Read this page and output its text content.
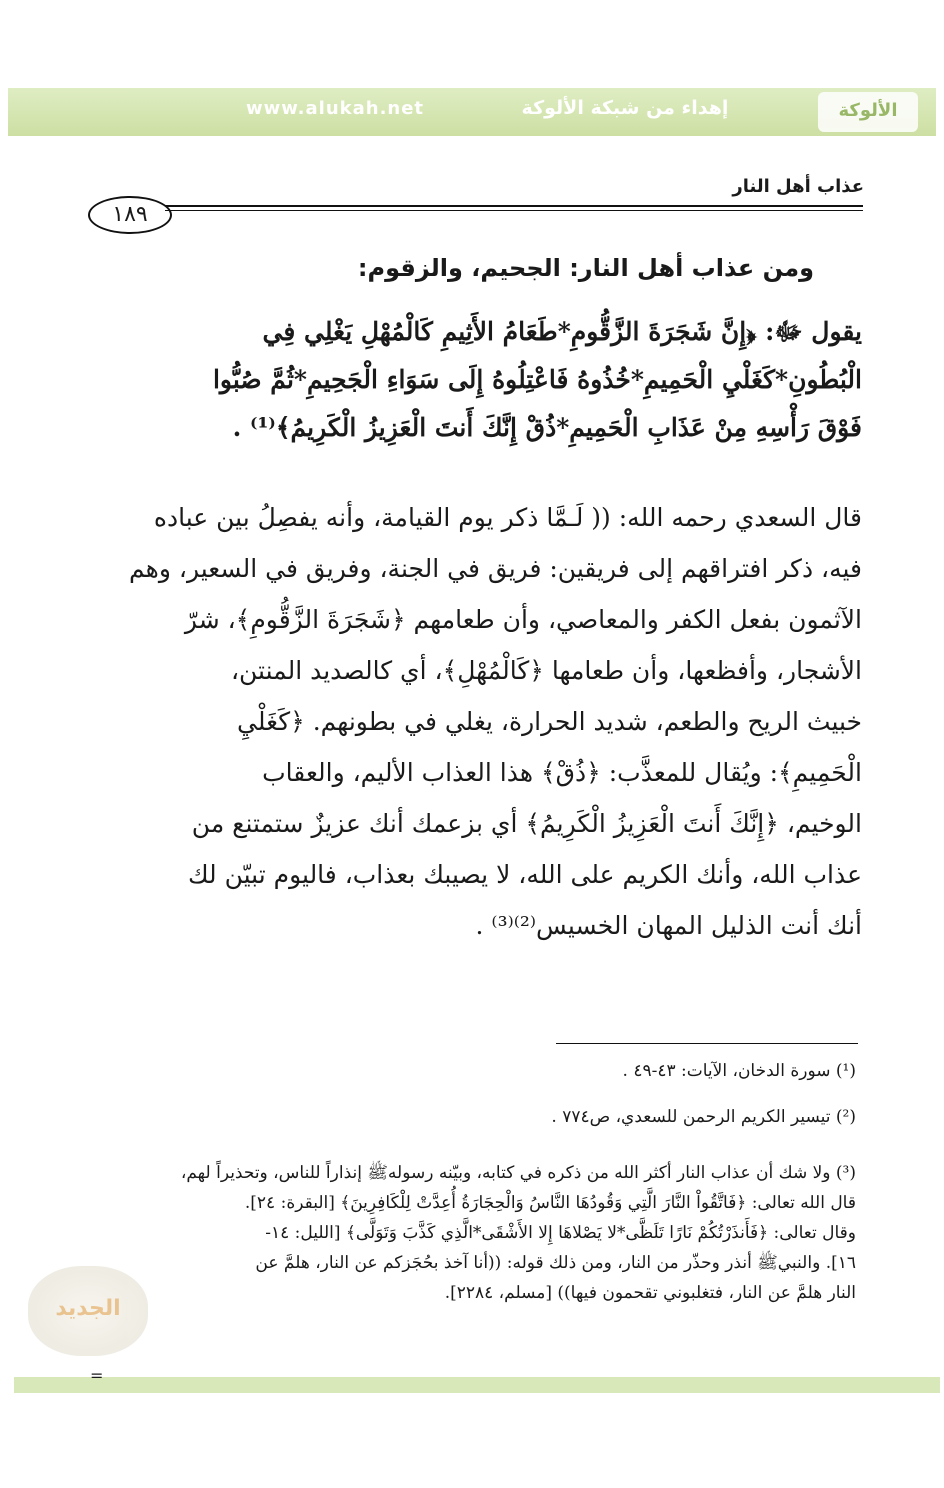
www.alukah.net	إهداء من شبكة الألوكة	الألوكة
عذاب أهل النار
١٨٩
ومن عذاب أهل النار: الجحيم، والزقوم:
يقول ﷻ: ﴿إِنَّ شَجَرَةَ الزَّقُّومِ*طَعَامُ الأَثِيمِ كَالْمُهْلِ يَغْلِي فِي
الْبُطُونِ*كَغَلْيِ الْحَمِيمِ*خُذُوهُ فَاعْتِلُوهُ إِلَى سَوَاءِ الْجَحِيمِ*ثُمَّ صُبُّوا
فَوْقَ رَأْسِهِ مِنْ عَذَابِ الْحَمِيمِ*ذُقْ إِنَّكَ أَنتَ الْعَزِيزُ الْكَرِيمُ﴾⁽¹⁾ .
قال السعدي رحمه الله: (( لَـمَّا ذكر يوم القيامة، وأنه يفصِلُ بين عباده
فيه، ذكر افتراقهم إلى فريقين: فريق في الجنة، وفريق في السعير، وهم
الآثمون بفعل الكفر والمعاصي، وأن طعامهم ﴿شَجَرَةَ الزَّقُّومِ﴾، شرّ
الأشجار، وأفظعها، وأن طعامها ﴿كَالْمُهْلِ﴾، أي كالصديد المنتن،
خبيث الريح والطعم، شديد الحرارة، يغلي في بطونهم. ﴿كَغَلْيِ
الْحَمِيمِ﴾: ويُقال للمعذَّب: ﴿ذُقْ﴾ هذا العذاب الأليم، والعقاب
الوخيم، ﴿إِنَّكَ أَنتَ الْعَزِيزُ الْكَرِيمُ﴾ أي بزعمك أنك عزيزٌ ستمتنع من
عذاب الله، وأنك الكريم على الله، لا يصيبك بعذاب، فاليوم تبيّن لك
أنك أنت الذليل المهان الخسيس⁽²⁾⁽³⁾ .
(¹) سورة الدخان، الآيات: ٤٣-٤٩ .
(²) تيسير الكريم الرحمن للسعدي، ص٧٧٤ .
(³) ولا شك أن عذاب النار أكثر الله من ذكره في كتابه، وبيّنه رسولهﷺ إنذاراً للناس، وتحذيراً لهم،
قال الله تعالى: ﴿فَاتَّقُواْ النَّارَ الَّتِي وَقُودُهَا النَّاسُ وَالْحِجَارَةُ أُعِدَّتْ لِلْكَافِرِينَ﴾ [البقرة: ٢٤].
وقال تعالى: ﴿فَأَنذَرْتُكُمْ نَارًا تَلَظَّى*لا يَصْلاهَا إِلا الأَشْقَى*الَّذِي كَذَّبَ وَتَوَلَّى﴾ [الليل: ١٤-
١٦]. والنبيﷺ أنذر وحذّر من النار، ومن ذلك قوله: ((أنا آخذ بحُجَزكم عن النار، هلمَّ عن
النار هلمَّ عن النار، فتغلبوني تقحمون فيها)) [مسلم، ٢٢٨٤].
الجديد
=
